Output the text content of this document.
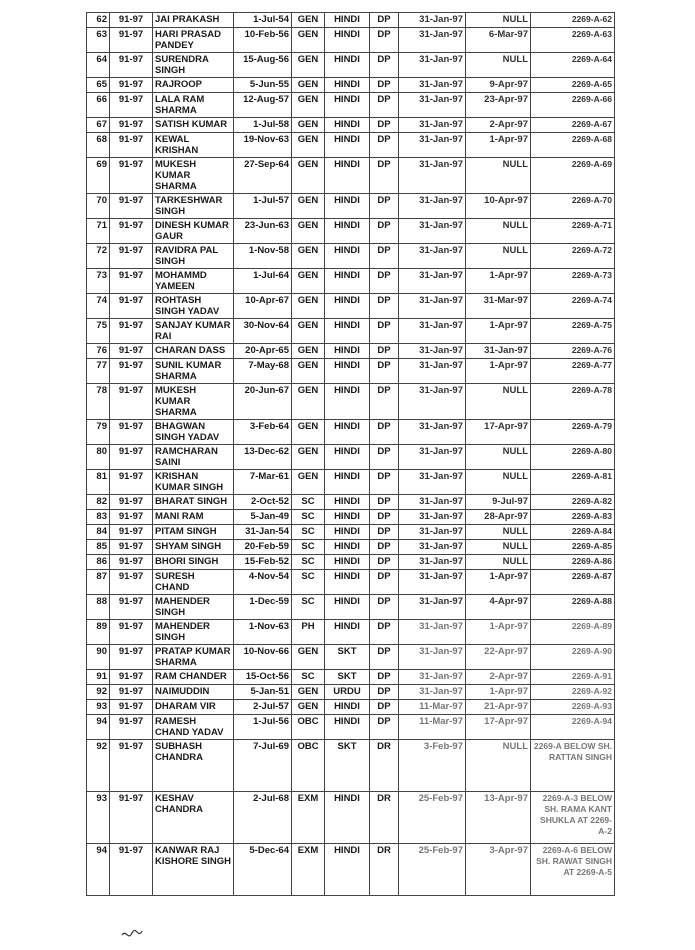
62	91-97	JAI PRAKASH	1-Jul-54	GEN	HINDI	DP	31-Jan-97	NULL	2269-A-62
63	91-97	HARI PRASAD PANDEY	10-Feb-56	GEN	HINDI	DP	31-Jan-97	6-Mar-97	2269-A-63
64	91-97	SURENDRA SINGH	15-Aug-56	GEN	HINDI	DP	31-Jan-97	NULL	2269-A-64
65	91-97	RAJROOP	5-Jun-55	GEN	HINDI	DP	31-Jan-97	9-Apr-97	2269-A-65
66	91-97	LALA RAM SHARMA	12-Aug-57	GEN	HINDI	DP	31-Jan-97	23-Apr-97	2269-A-66
67	91-97	SATISH KUMAR	1-Jul-58	GEN	HINDI	DP	31-Jan-97	2-Apr-97	2269-A-67
68	91-97	KEWAL KRISHAN	19-Nov-63	GEN	HINDI	DP	31-Jan-97	1-Apr-97	2269-A-68
69	91-97	MUKESH KUMAR SHARMA	27-Sep-64	GEN	HINDI	DP	31-Jan-97	NULL	2269-A-69
70	91-97	TARKESHWAR SINGH	1-Jul-57	GEN	HINDI	DP	31-Jan-97	10-Apr-97	2269-A-70
71	91-97	DINESH KUMAR GAUR	23-Jun-63	GEN	HINDI	DP	31-Jan-97	NULL	2269-A-71
72	91-97	RAVIDRA PAL SINGH	1-Nov-58	GEN	HINDI	DP	31-Jan-97	NULL	2269-A-72
73	91-97	MOHAMMD YAMEEN	1-Jul-64	GEN	HINDI	DP	31-Jan-97	1-Apr-97	2269-A-73
74	91-97	ROHTASH SINGH YADAV	10-Apr-67	GEN	HINDI	DP	31-Jan-97	31-Mar-97	2269-A-74
75	91-97	SANJAY KUMAR RAI	30-Nov-64	GEN	HINDI	DP	31-Jan-97	1-Apr-97	2269-A-75
76	91-97	CHARAN DASS	20-Apr-65	GEN	HINDI	DP	31-Jan-97	31-Jan-97	2269-A-76
77	91-97	SUNIL KUMAR SHARMA	7-May-68	GEN	HINDI	DP	31-Jan-97	1-Apr-97	2269-A-77
78	91-97	MUKESH KUMAR SHARMA	20-Jun-67	GEN	HINDI	DP	31-Jan-97	NULL	2269-A-78
79	91-97	BHAGWAN SINGH YADAV	3-Feb-64	GEN	HINDI	DP	31-Jan-97	17-Apr-97	2269-A-79
80	91-97	RAMCHARAN SAINI	13-Dec-62	GEN	HINDI	DP	31-Jan-97	NULL	2269-A-80
81	91-97	KRISHAN KUMAR SINGH	7-Mar-61	GEN	HINDI	DP	31-Jan-97	NULL	2269-A-81
82	91-97	BHARAT SINGH	2-Oct-52	SC	HINDI	DP	31-Jan-97	9-Jul-97	2269-A-82
83	91-97	MANI RAM	5-Jan-49	SC	HINDI	DP	31-Jan-97	28-Apr-97	2269-A-83
84	91-97	PITAM SINGH	31-Jan-54	SC	HINDI	DP	31-Jan-97	NULL	2269-A-84
85	91-97	SHYAM SINGH	20-Feb-59	SC	HINDI	DP	31-Jan-97	NULL	2269-A-85
86	91-97	BHORI SINGH	15-Feb-52	SC	HINDI	DP	31-Jan-97	NULL	2269-A-86
87	91-97	SURESH CHAND	4-Nov-54	SC	HINDI	DP	31-Jan-97	1-Apr-97	2269-A-87
88	91-97	MAHENDER SINGH	1-Dec-59	SC	HINDI	DP	31-Jan-97	4-Apr-97	2269-A-88
89	91-97	MAHENDER SINGH	1-Nov-63	PH	HINDI	DP	31-Jan-97	1-Apr-97	2269-A-89
90	91-97	PRATAP KUMAR SHARMA	10-Nov-66	GEN	SKT	DP	31-Jan-97	22-Apr-97	2269-A-90
91	91-97	RAM CHANDER	15-Oct-56	SC	SKT	DP	31-Jan-97	2-Apr-97	2269-A-91
92	91-97	NAIMUDDIN	5-Jan-51	GEN	URDU	DP	31-Jan-97	1-Apr-97	2269-A-92
93	91-97	DHARAM VIR	2-Jul-57	GEN	HINDI	DP	11-Mar-97	21-Apr-97	2269-A-93
94	91-97	RAMESH CHAND YADAV	1-Jul-56	OBC	HINDI	DP	11-Mar-97	17-Apr-97	2269-A-94
92	91-97	SUBHASH CHANDRA	7-Jul-69	OBC	SKT	DR	3-Feb-97	NULL	2269-A BELOW SH. RATTAN SINGH
93	91-97	KESHAV CHANDRA	2-Jul-68	EXM	HINDI	DR	25-Feb-97	13-Apr-97	2269-A-3 BELOW SH. RAMA KANT SHUKLA AT 2269-A-2
94	91-97	KANWAR RAJ KISHORE SINGH	5-Dec-64	EXM	HINDI	DR	25-Feb-97	3-Apr-97	2269-A-6 BELOW SH. RAWAT SINGH AT 2269-A-5
